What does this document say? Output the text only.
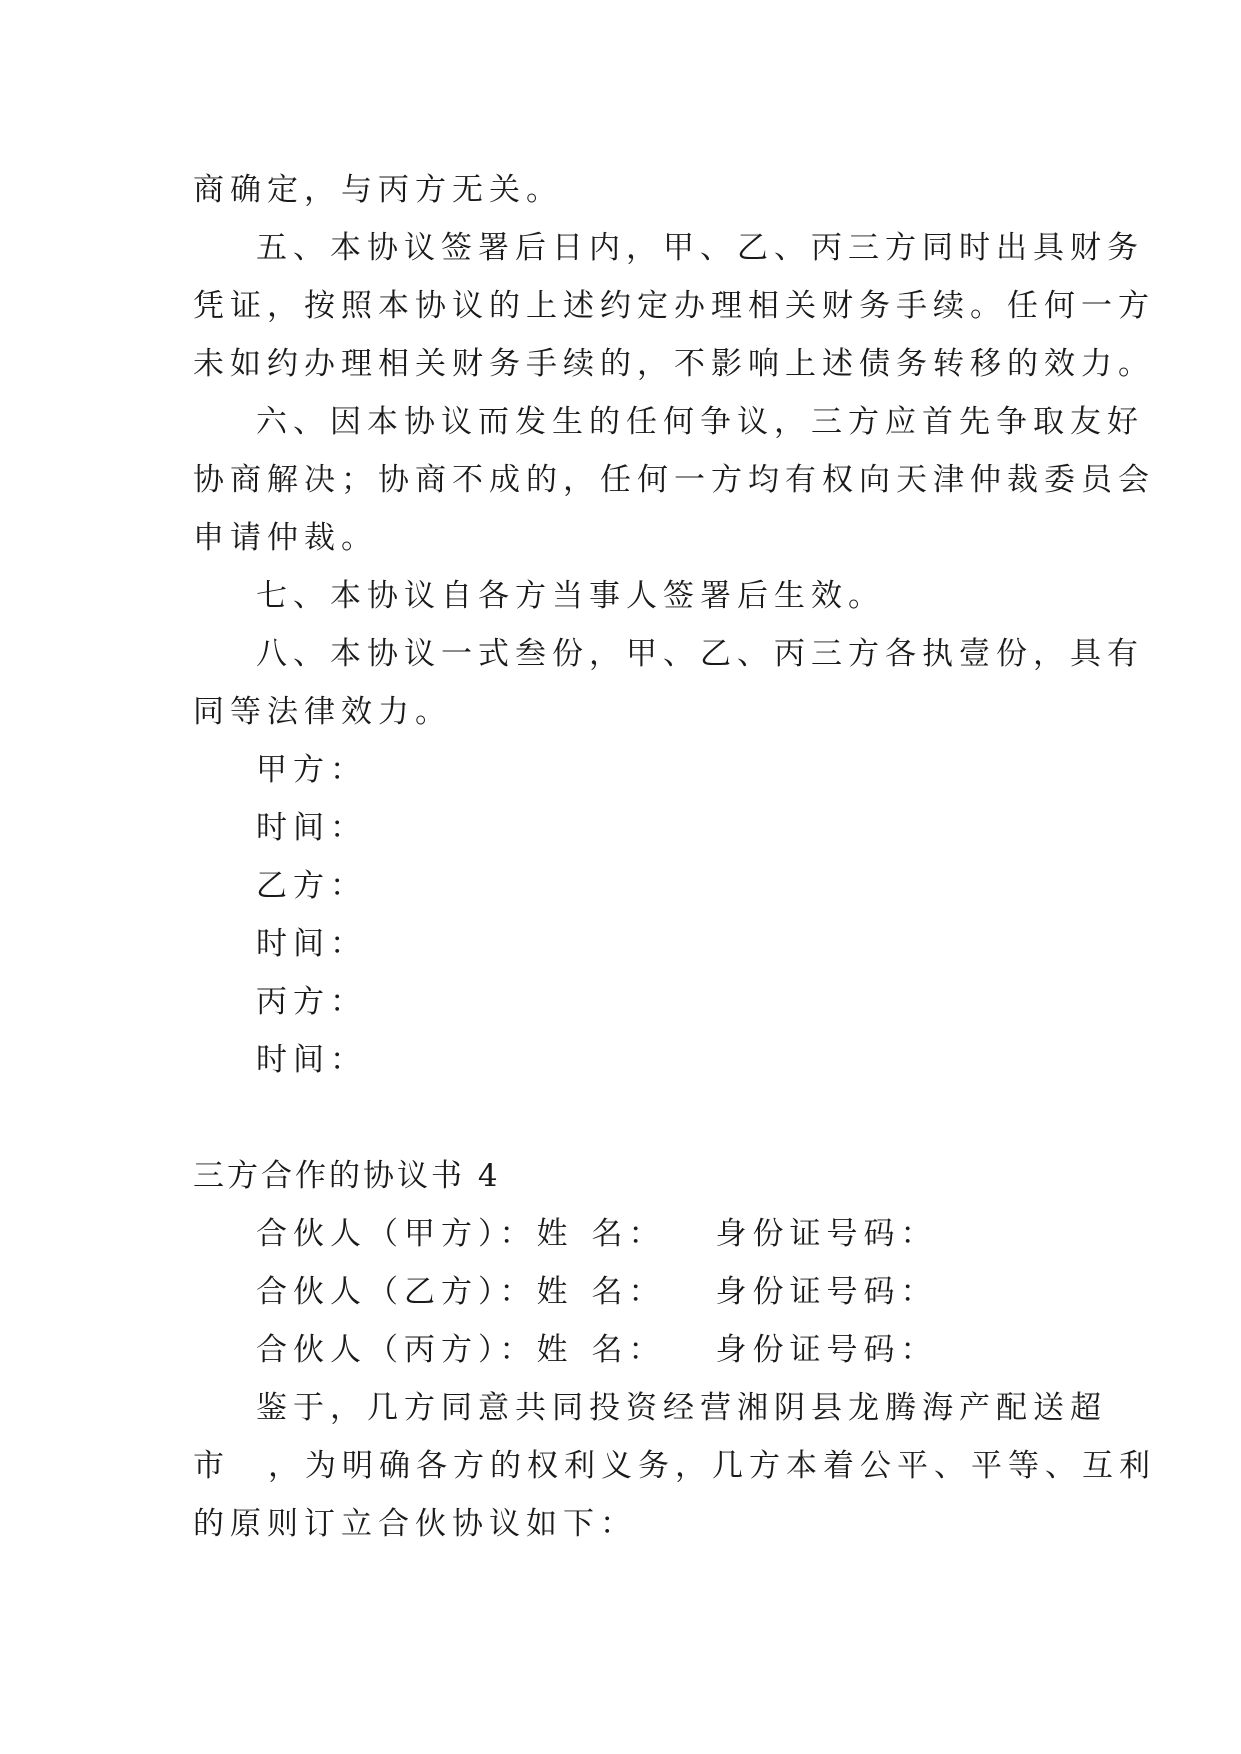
商确定，与丙方无关。
五、本协议签署后日内，甲、乙、丙三方同时出具财务
凭证，按照本协议的上述约定办理相关财务手续。任何一方
未如约办理相关财务手续的，不影响上述债务转移的效力。
六、因本协议而发生的任何争议，三方应首先争取友好
协商解决；协商不成的，任何一方均有权向天津仲裁委员会
申请仲裁。
七、本协议自各方当事人签署后生效。
八、本协议一式叁份，甲、乙、丙三方各执壹份，具有
同等法律效力。
甲方：
时间：
乙方：
时间：
丙方：
时间：
三方合作的协议书 4
合伙人（甲方）：姓 名： 身份证号码：
合伙人（乙方）：姓 名： 身份证号码：
合伙人（丙方）：姓 名： 身份证号码：
鉴于，几方同意共同投资经营湘阴县龙腾海产配送超
市 ，为明确各方的权利义务，几方本着公平、平等、互利
的原则订立合伙协议如下：
